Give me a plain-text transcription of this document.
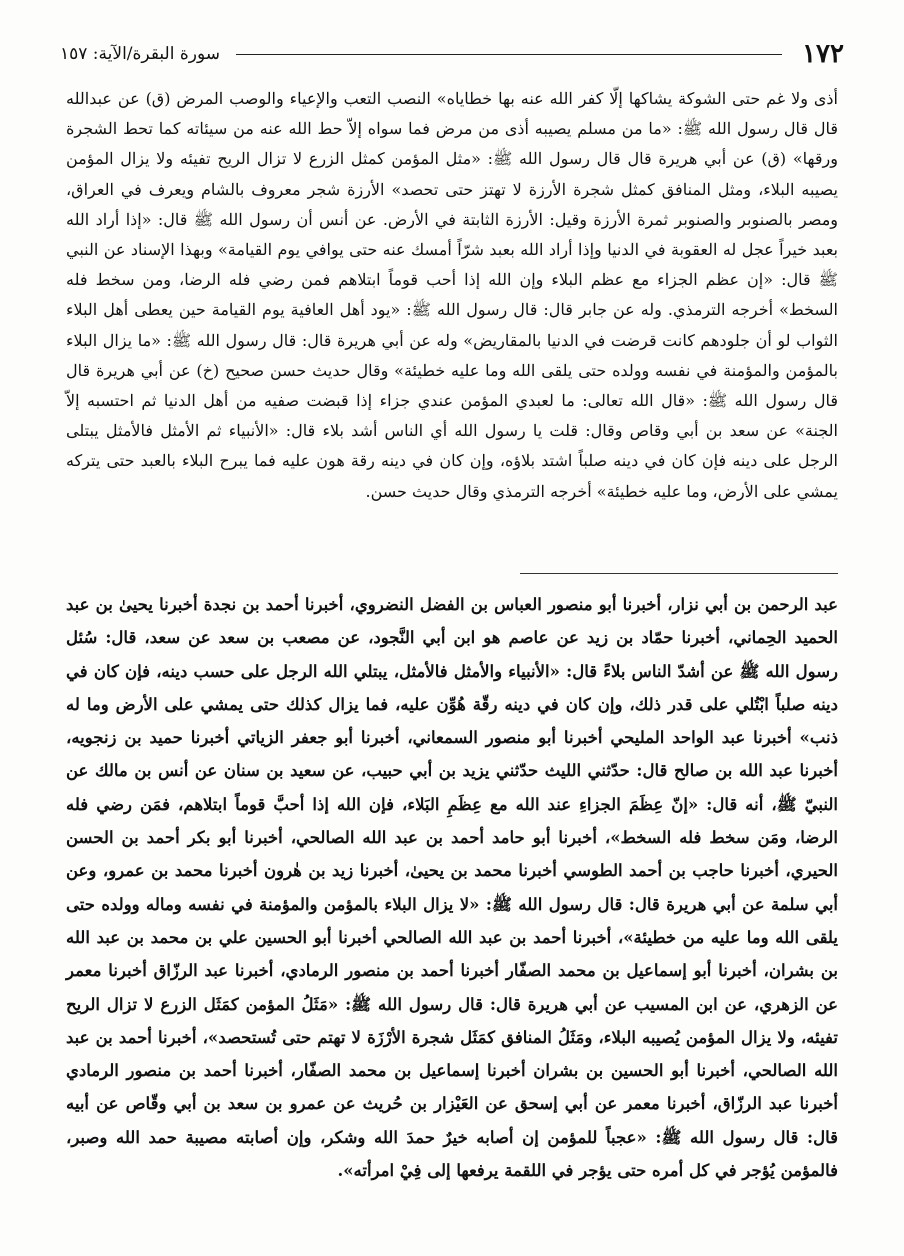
١٧٢
سورة البقرة/الآية: ١٥٧

أذى ولا غم حتى الشوكة يشاكها إلّا كفر الله عنه بها خطاياه» النصب التعب والإعياء والوصب المرض (ق) عن عبدالله قال قال رسول الله ﷺ: «ما من مسلم يصيبه أذى من مرض فما سواه إلاّ حط الله عنه من سيئاته كما تحط الشجرة ورقها» (ق) عن أبي هريرة قال قال رسول الله ﷺ: «مثل المؤمن كمثل الزرع لا تزال الريح تفيئه ولا يزال المؤمن يصيبه البلاء، ومثل المنافق كمثل شجرة الأرزة لا تهتز حتى تحصد» الأرزة شجر معروف بالشام ويعرف في العراق، ومصر بالصنوبر والصنوبر ثمرة الأرزة وقيل: الأرزة الثابتة في الأرض. عن أنس أن رسول الله ﷺ قال: «إذا أراد الله بعبد خيراً عجل له العقوبة في الدنيا وإذا أراد الله بعبد شرّاً أمسك عنه حتى يوافي يوم القيامة» وبهذا الإسناد عن النبي ﷺ قال: «إن عظم الجزاء مع عظم البلاء وإن الله إذا أحب قوماً ابتلاهم فمن رضي فله الرضا، ومن سخط فله السخط» أخرجه الترمذي. وله عن جابر قال: قال رسول الله ﷺ: «يود أهل العافية يوم القيامة حين يعطى أهل البلاء الثواب لو أن جلودهم كانت قرضت في الدنيا بالمقاريض» وله عن أبي هريرة قال: قال رسول الله ﷺ: «ما يزال البلاء بالمؤمن والمؤمنة في نفسه وولده حتى يلقى الله وما عليه خطيئة» وقال حديث حسن صحيح (خ) عن أبي هريرة قال قال رسول الله ﷺ: «قال الله تعالى: ما لعبدي المؤمن عندي جزاء إذا قبضت صفيه من أهل الدنيا ثم احتسبه إلاّ الجنة» عن سعد بن أبي وقاص وقال: قلت يا رسول الله أي الناس أشد بلاء قال: «الأنبياء ثم الأمثل فالأمثل يبتلى الرجل على دينه فإن كان في دينه صلباً اشتد بلاؤه، وإن كان في دينه رقة هون عليه فما يبرح البلاء بالعبد حتى يتركه يمشي على الأرض، وما عليه خطيئة» أخرجه الترمذي وقال حديث حسن.

عبد الرحمن بن أبي نزار، أخبرنا أبو منصور العباس بن الفضل النضروي، أخبرنا أحمد بن نجدة أخبرنا يحيىٰ بن عبد الحميد الحِماني، أخبرنا حمّاد بن زيد عن عاصم هو ابن أبي النَّجود، عن مصعب بن سعد عن سعد، قال: سُئل رسول الله ﷺ عن أشدّ الناس بلاءً قال: «الأنبياء والأمثل فالأمثل، يبتلي الله الرجل على حسب دينه، فإن كان في دينه صلباً ابْتُلي على قدر ذلك، وإن كان في دينه رقّة هُوِّن عليه، فما يزال كذلك حتى يمشي على الأرض وما له ذنب» أخبرنا عبد الواحد المليحي أخبرنا أبو منصور السمعاني، أخبرنا أبو جعفر الزياتي أخبرنا حميد بن زنجويه، أخبرنا عبد الله بن صالح قال: حدّثني الليث حدّثني يزيد بن أبي حبيب، عن سعيد بن سنان عن أنس بن مالك عن النبيّ ﷺ، أنه قال: «إنّ عِظَمَ الجزاءِ عند الله مع عِظَمِ البَلاء، فإن الله إذا أحبَّ قوماً ابتلاهم، فمَن رضي فله الرضا، ومَن سخط فله السخط»، أخبرنا أبو حامد أحمد بن عبد الله الصالحي، أخبرنا أبو بكر أحمد بن الحسن الحيري، أخبرنا حاجب بن أحمد الطوسي أخبرنا محمد بن يحيىٰ، أخبرنا زيد بن هٰرون أخبرنا محمد بن عمرو، وعن أبي سلمة عن أبي هريرة قال: قال رسول الله ﷺ: «لا يزال البلاء بالمؤمن والمؤمنة في نفسه وماله وولده حتى يلقى الله وما عليه من خطيئة»، أخبرنا أحمد بن عبد الله الصالحي أخبرنا أبو الحسين علي بن محمد بن عبد الله بن بشران، أخبرنا أبو إسماعيل بن محمد الصفّار أخبرنا أحمد بن منصور الرمادي، أخبرنا عبد الرزّاق أخبرنا معمر عن الزهري، عن ابن المسيب عن أبي هريرة قال: قال رسول الله ﷺ: «مَثَلُ المؤمن كمَثَل الزرع لا تزال الريح تفيئه، ولا يزال المؤمن يُصيبه البلاء، ومَثَلُ المنافق كمَثَل شجرة الأرْزَة لا تهتم حتى تُستحصد»، أخبرنا أحمد بن عبد الله الصالحي، أخبرنا أبو الحسين بن بشران أخبرنا إسماعيل بن محمد الصفّار، أخبرنا أحمد بن منصور الرمادي أخبرنا عبد الرزّاق، أخبرنا معمر عن أبي إسحق عن العَيْزار بن حُريث عن عمرو بن سعد بن أبي وقّاص عن أبيه قال: قال رسول الله ﷺ: «عجباً للمؤمن إن أصابه خيرٌ حمدَ الله وشكر، وإن أصابته مصيبة حمد الله وصبر، فالمؤمن يُؤجر في كل أمره حتى يؤجر في اللقمة يرفعها إلى فِيْ امرأته».
